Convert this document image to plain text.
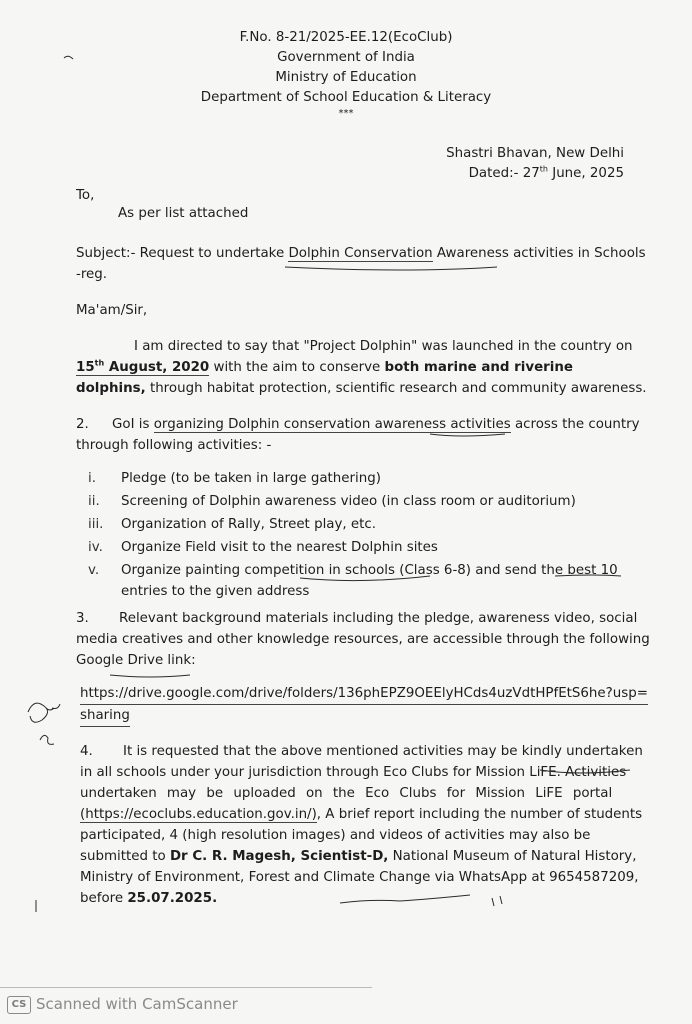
F.No. 8-21/2025-EE.12(EcoClub)
Government of India
Ministry of Education
Department of School Education & Literacy
***
Shastri Bhavan, New Delhi
Dated:- 27th June, 2025
To,
As per list attached
Subject:- Request to undertake Dolphin Conservation Awareness activities in Schools
-reg.
Ma'am/Sir,
I am directed to say that "Project Dolphin" was launched in the country on
15th August, 2020 with the aim to conserve both marine and riverine
dolphins, through habitat protection, scientific research and community awareness.
2. GoI is organizing Dolphin conservation awareness activities across the country
through following activities: -
i. Pledge (to be taken in large gathering)
ii. Screening of Dolphin awareness video (in class room or auditorium)
iii. Organization of Rally, Street play, etc.
iv. Organize Field visit to the nearest Dolphin sites
v. Organize painting competition in schools (Class 6-8) and send the best 10
entries to the given address
3. Relevant background materials including the pledge, awareness video, social
media creatives and other knowledge resources, are accessible through the following
Google Drive link:
https://drive.google.com/drive/folders/136phEPZ9OEElyHCds4uzVdtHPfEtS6he?usp=
sharing
4. It is requested that the above mentioned activities may be kindly undertaken
in all schools under your jurisdiction through Eco Clubs for Mission LiFE. Activities
undertaken may be uploaded on the Eco Clubs for Mission LiFE portal
(https://ecoclubs.education.gov.in/), A brief report including the number of students
participated, 4 (high resolution images) and videos of activities may also be
submitted to Dr C. R. Magesh, Scientist-D, National Museum of Natural History,
Ministry of Environment, Forest and Climate Change via WhatsApp at 9654587209,
before 25.07.2025.
CS Scanned with CamScanner
